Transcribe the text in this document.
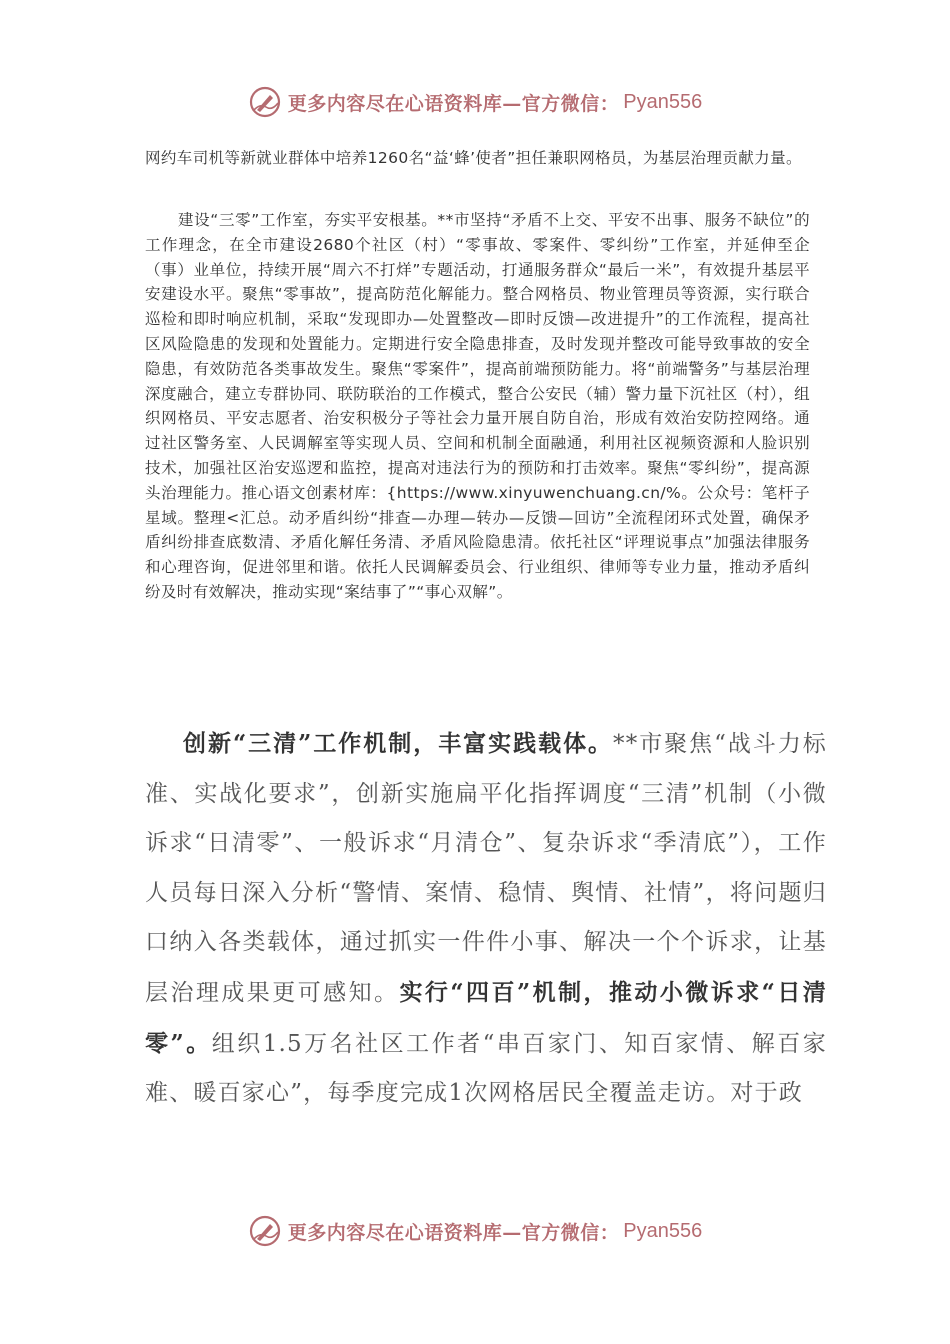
更多内容尽在心语资料库—官方微信： Pyan556

网约车司机等新就业群体中培养1260名“益‘蜂’使者”担任兼职网格员，为基层治理贡献力量。

建设“三零”工作室，夯实平安根基。**市坚持“矛盾不上交、平安不出事、服务不缺位”的工作理念，在全市建设2680个社区（村）“零事故、零案件、零纠纷”工作室，并延伸至企（事）业单位，持续开展“周六不打烊”专题活动，打通服务群众“最后一米”，有效提升基层平安建设水平。聚焦“零事故”，提高防范化解能力。整合网格员、物业管理员等资源，实行联合巡检和即时响应机制，采取“发现即办—处置整改—即时反馈—改进提升”的工作流程，提高社区风险隐患的发现和处置能力。定期进行安全隐患排查，及时发现并整改可能导致事故的安全隐患，有效防范各类事故发生。聚焦“零案件”，提高前端预防能力。将“前端警务”与基层治理深度融合，建立专群协同、联防联治的工作模式，整合公安民（辅）警力量下沉社区（村），组织网格员、平安志愿者、治安积极分子等社会力量开展自防自治，形成有效治安防控网络。通过社区警务室、人民调解室等实现人员、空间和机制全面融通，利用社区视频资源和人脸识别技术，加强社区治安巡逻和监控，提高对违法行为的预防和打击效率。聚焦“零纠纷”，提高源头治理能力。推心语文创素材库：{https://www.xinyuwenchuang.cn/%。公众号：笔杆子星域。整理<汇总。动矛盾纠纷“排查—办理—转办—反馈—回访”全流程闭环式处置，确保矛盾纠纷排查底数清、矛盾化解任务清、矛盾风险隐患清。依托社区“评理说事点”加强法律服务和心理咨询，促进邻里和谐。依托人民调解委员会、行业组织、律师等专业力量，推动矛盾纠纷及时有效解决，推动实现“案结事了”“事心双解”。

创新“三清”工作机制，丰富实践载体。**市聚焦“战斗力标准、实战化要求”，创新实施扁平化指挥调度“三清”机制（小微诉求“日清零”、一般诉求“月清仓”、复杂诉求“季清底”），工作人员每日深入分析“警情、案情、稳情、舆情、社情”，将问题归口纳入各类载体，通过抓实一件件小事、解决一个个诉求，让基层治理成果更可感知。实行“四百”机制，推动小微诉求“日清零”。组织1.5万名社区工作者“串百家门、知百家情、解百家难、暖百家心”，每季度完成1次网格居民全覆盖走访。对于政

更多内容尽在心语资料库—官方微信： Pyan556
